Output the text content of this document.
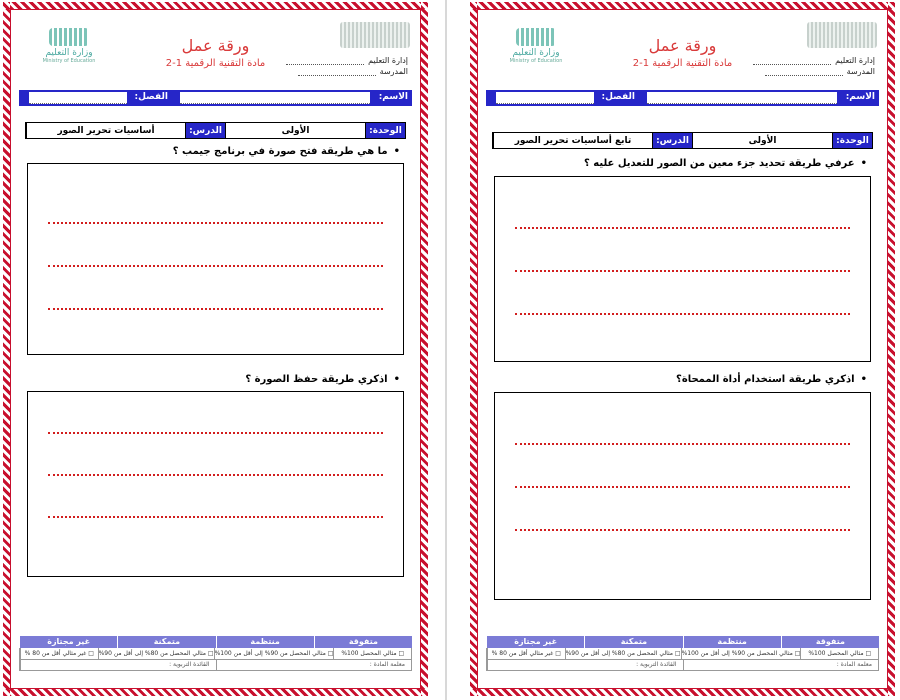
إدارة التعليم
المدرسة
ورقة عمل
مادة التقنية الرقمية 1-2
وزارة التعليم
Ministry of Education
الاسم:
الفصل:
الوحدة:
الأولى
الدرس:
أساسيات تحرير الصور
•ما هي طريقة فتح صورة في برنامج جيمب ؟
•اذكري طريقة حفظ الصورة ؟
متفوقة
منتظمة
متمكنة
غير مجتازة
□ مثالي المحصل 100%
□ مثالي المحصل من 90% إلى أقل من 100%
□ مثالي المحصل من 80% إلى أقل من 90%
□ غير مثالي أقل من 80 %
معلمة المادة :
القائدة التربوية :
إدارة التعليم
المدرسة
ورقة عمل
مادة التقنية الرقمية 1-2
وزارة التعليم
Ministry of Education
الاسم:
الفصل:
الوحدة:
الأولى
الدرس:
تابع أساسيات تحرير الصور
•عرفي طريقة تحديد جزء معين من الصور للتعديل عليه ؟
•اذكري طريقة استخدام أداة الممحاة؟
متفوقة
منتظمة
متمكنة
غير مجتازة
□ مثالي المحصل 100%
□ مثالي المحصل من 90% إلى أقل من 100%
□ مثالي المحصل من 80% إلى أقل من 90%
□ غير مثالي أقل من 80 %
معلمة المادة :
القائدة التربوية :
